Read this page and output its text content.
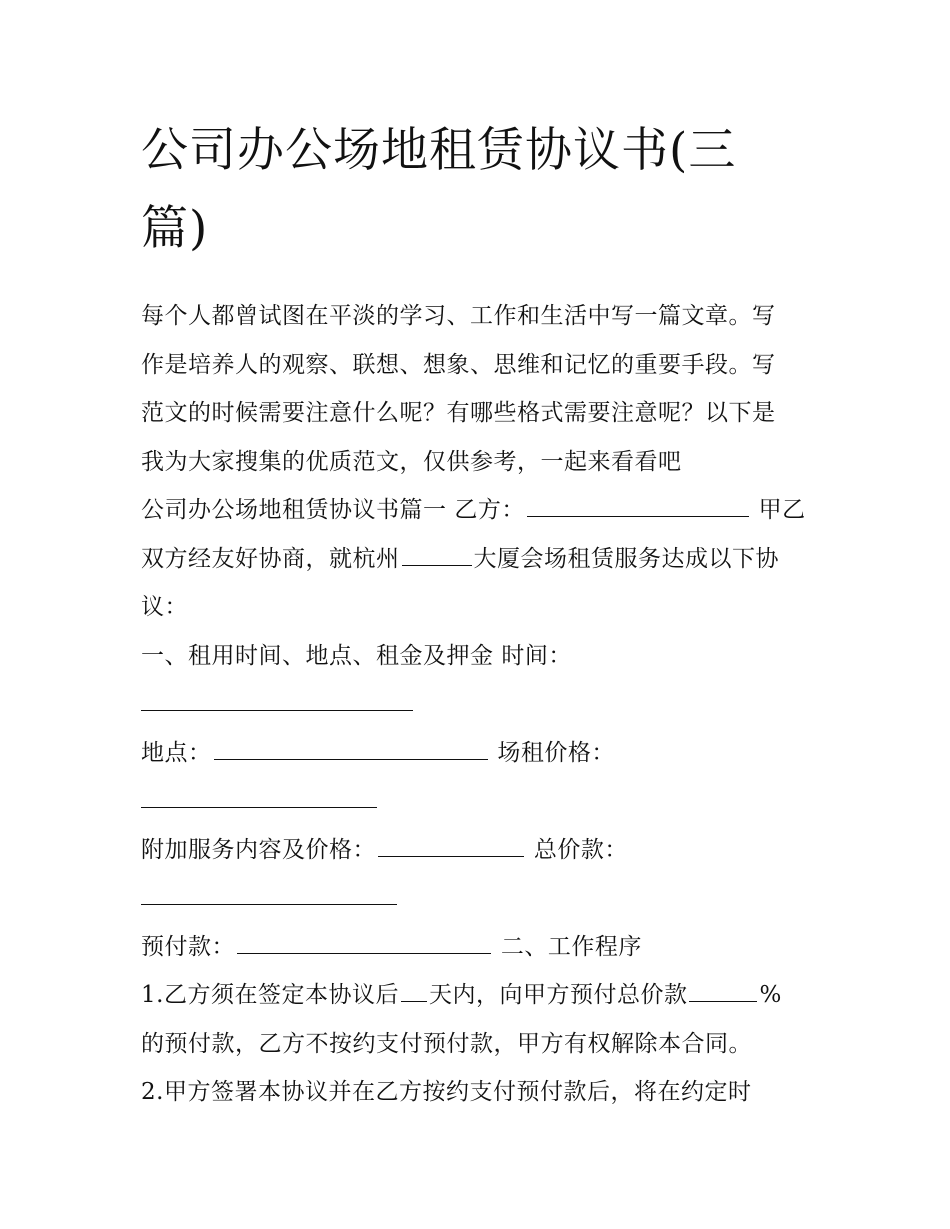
公司办公场地租赁协议书(三篇)
每个人都曾试图在平淡的学习、工作和生活中写一篇文章。写
作是培养人的观察、联想、想象、思维和记忆的重要手段。写
范文的时候需要注意什么呢？有哪些格式需要注意呢？以下是
我为大家搜集的优质范文，仅供参考，一起来看看吧
公司办公场地租赁协议书篇一 乙方：	甲乙
双方经友好协商，就杭州	大厦会场租赁服务达成以下协
议：
一、租用时间、地点、租金及押金 时间：
地点：	场租价格：
附加服务内容及价格：	总价款：
预付款：	二、工作程序
1.乙方须在签定本协议后 天内，向甲方预付总价款	%
的预付款，乙方不按约支付预付款，甲方有权解除本合同。
2.甲方签署本协议并在乙方按约支付预付款后，将在约定时
